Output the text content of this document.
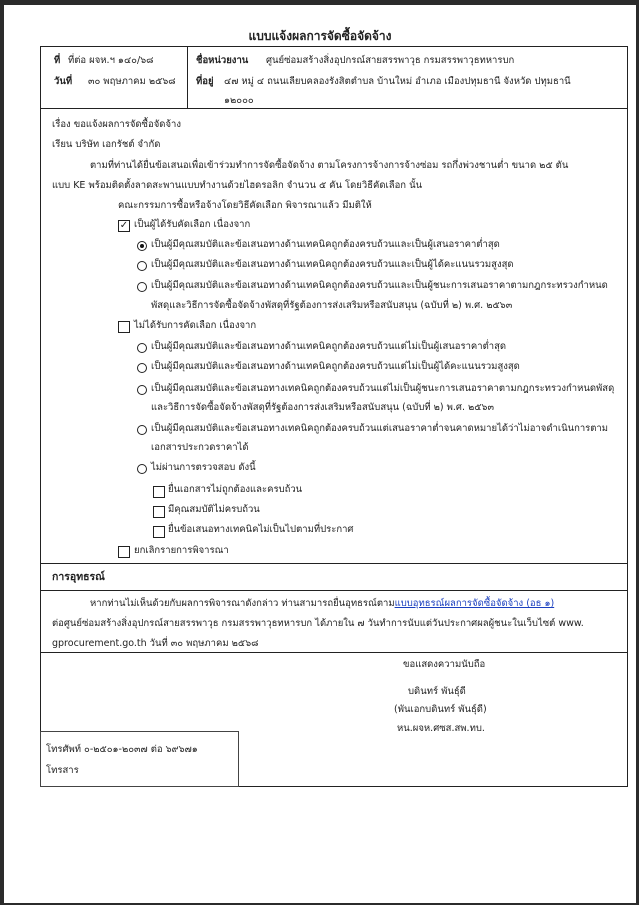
แบบแจ้งผลการจัดซื้อจัดจ้าง
ที่ ที่ต่อ ผจห.ฯ ๑๔๐/๖๘
วันที่ ๓๐ พฤษภาคม ๒๕๖๘
ชื่อหน่วยงาน ศูนย์ซ่อมสร้างสิ่งอุปกรณ์สายสรรพาวุธ กรมสรรพาวุธทหารบก
ที่อยู่ ๔๗ หมู่ ๔ ถนนเลียบคลองรังสิตตำบล บ้านใหม่ อำเภอ เมืองปทุมธานี จังหวัด ปทุมธานี
๑๒๐๐๐
เรื่อง ขอแจ้งผลการจัดซื้อจัดจ้าง
เรียน บริษัท เอกรัชต์ จำกัด
ตามที่ท่านได้ยื่นข้อเสนอเพื่อเข้าร่วมทำการจัดซื้อจัดจ้าง ตามโครงการจ้างการจ้างซ่อม รถกึ่งพ่วงชานต่ำ ขนาด ๒๕ ตัน
แบบ KE พร้อมติดตั้งลาดสะพานแบบทำงานด้วยไฮดรอลิก จำนวน ๕ คัน โดยวิธีคัดเลือก นั้น
คณะกรรมการซื้อหรือจ้างโดยวิธีคัดเลือก พิจารณาแล้ว มีมติให้
✓ เป็นผู้ได้รับคัดเลือก เนื่องจาก
เป็นผู้มีคุณสมบัติและข้อเสนอทางด้านเทคนิคถูกต้องครบถ้วนและเป็นผู้เสนอราคาต่ำสุด
เป็นผู้มีคุณสมบัติและข้อเสนอทางด้านเทคนิคถูกต้องครบถ้วนและเป็นผู้ได้คะแนนรวมสูงสุด
เป็นผู้มีคุณสมบัติและข้อเสนอทางด้านเทคนิคถูกต้องครบถ้วนและเป็นผู้ชนะการเสนอราคาตามกฎกระทรวงกำหนด
พัสดุและวิธีการจัดซื้อจัดจ้างพัสดุที่รัฐต้องการส่งเสริมหรือสนับสนุน (ฉบับที่ ๒) พ.ศ. ๒๕๖๓
ไม่ได้รับการคัดเลือก เนื่องจาก
เป็นผู้มีคุณสมบัติและข้อเสนอทางด้านเทคนิคถูกต้องครบถ้วนแต่ไม่เป็นผู้เสนอราคาต่ำสุด
เป็นผู้มีคุณสมบัติและข้อเสนอทางด้านเทคนิคถูกต้องครบถ้วนแต่ไม่เป็นผู้ได้คะแนนรวมสูงสุด
เป็นผู้มีคุณสมบัติและข้อเสนอทางเทคนิคถูกต้องครบถ้วนแต่ไม่เป็นผู้ชนะการเสนอราคาตามกฎกระทรวงกำหนดพัสดุ
และวิธีการจัดซื้อจัดจ้างพัสดุที่รัฐต้องการส่งเสริมหรือสนับสนุน (ฉบับที่ ๒) พ.ศ. ๒๕๖๓
เป็นผู้มีคุณสมบัติและข้อเสนอทางเทคนิคถูกต้องครบถ้วนแต่เสนอราคาต่ำจนคาดหมายได้ว่าไม่อาจดำเนินการตาม
เอกสารประกวดราคาได้
ไม่ผ่านการตรวจสอบ ดังนี้
ยื่นเอกสารไม่ถูกต้องและครบถ้วน
มีคุณสมบัติไม่ครบถ้วน
ยื่นข้อเสนอทางเทคนิคไม่เป็นไปตามที่ประกาศ
ยกเลิกรายการพิจารณา
การอุทธรณ์
หากท่านไม่เห็นด้วยกับผลการพิจารณาดังกล่าว ท่านสามารถยื่นอุทธรณ์ตามแบบอุทธรณ์ผลการจัดซื้อจัดจ้าง (อธ ๑)
ต่อศูนย์ซ่อมสร้างสิ่งอุปกรณ์สายสรรพาวุธ กรมสรรพาวุธทหารบก ได้ภายใน ๗ วันทำการนับแต่วันประกาศผลผู้ชนะในเว็บไซต์ www.
gprocurement.go.th วันที่ ๓๐ พฤษภาคม ๒๕๖๘
ขอแสดงความนับถือ
บดินทร์ พันธุ์ดี
(พันเอกบดินทร์ พันธุ์ดี)
หน.ผจห.ศซส.สพ.ทบ.
โทรศัพท์ ๐-๒๕๐๑-๒๐๓๗ ต่อ ๖๙๖๗๑
โทรสาร
